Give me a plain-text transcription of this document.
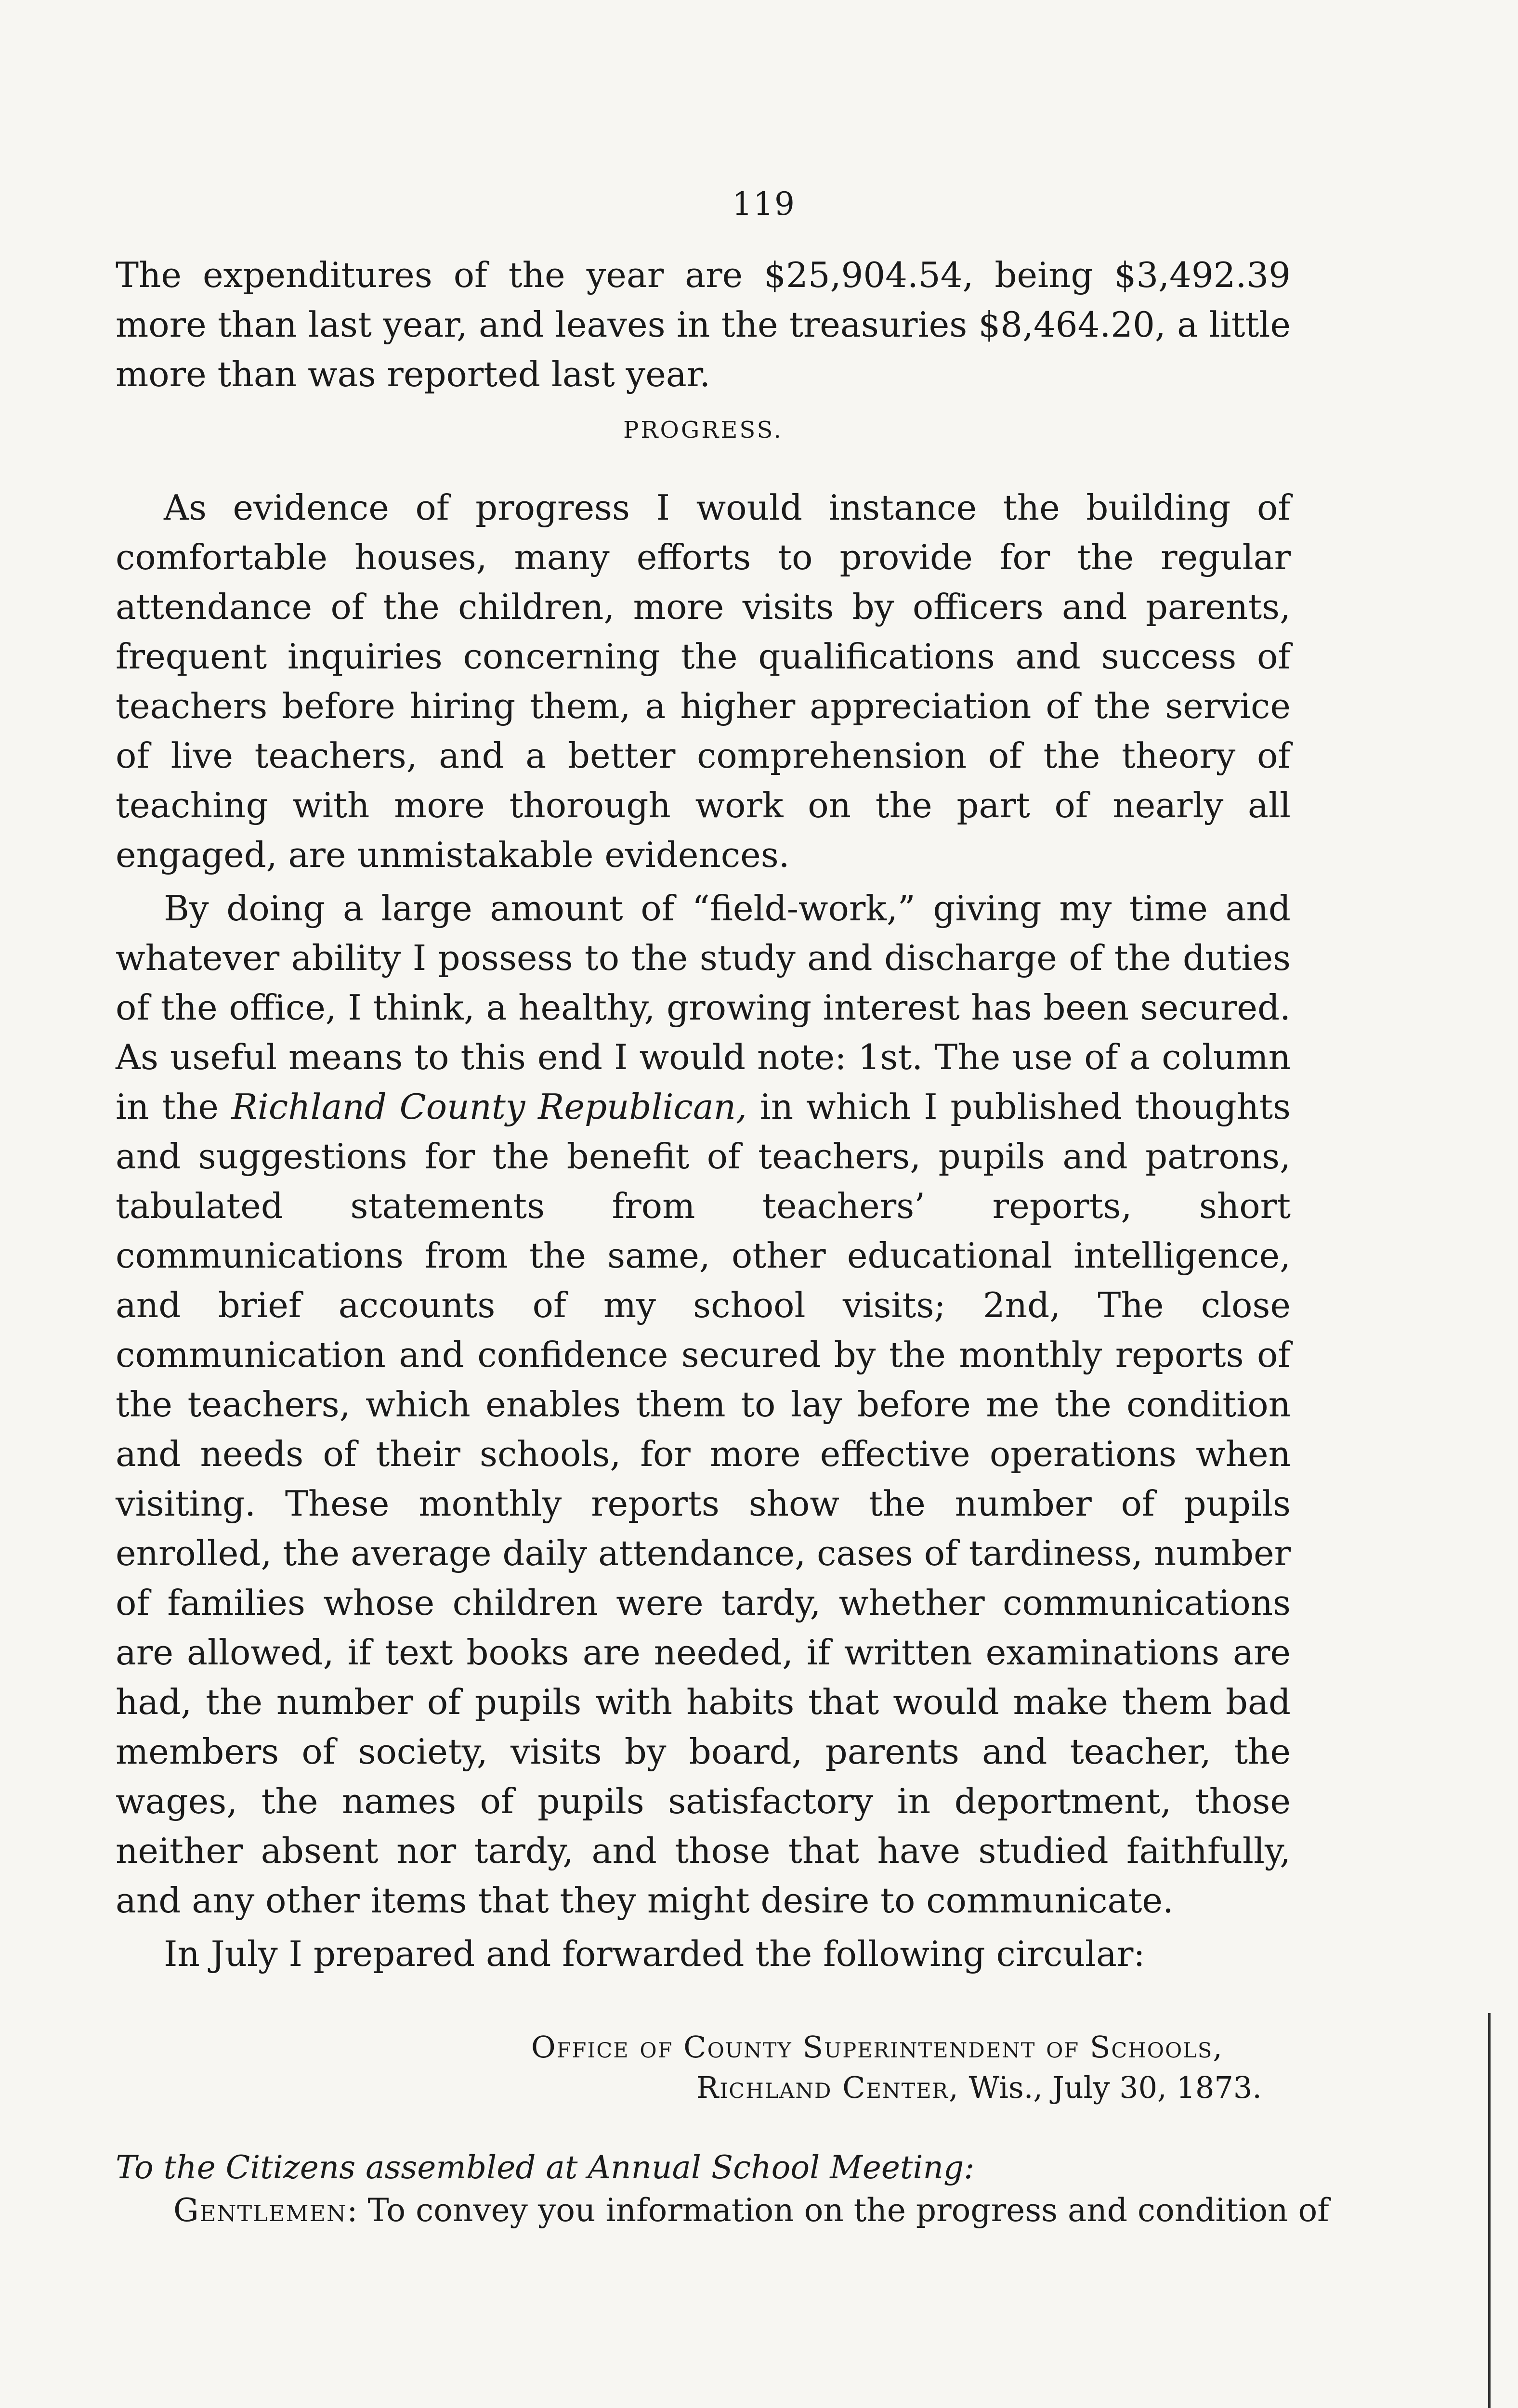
119

The expenditures of the year are $25,904.54, being $3,492.39 more than last year, and leaves in the treasuries $8,464.20, a little more than was reported last year.

PROGRESS.

As evidence of progress I would instance the building of comfortable houses, many efforts to provide for the regular attendance of the children, more visits by officers and parents, frequent inquiries concerning the qualifications and success of teachers before hiring them, a higher appreciation of the service of live teachers, and a better comprehension of the theory of teaching with more thorough work on the part of nearly all engaged, are unmistakable evidences.

By doing a large amount of “field-work,” giving my time and whatever ability I possess to the study and discharge of the duties of the office, I think, a healthy, growing interest has been secured. As useful means to this end I would note: 1st. The use of a column in the Richland County Republican, in which I published thoughts and suggestions for the benefit of teachers, pupils and patrons, tabulated statements from teachers’ reports, short communications from the same, other educational intelligence, and brief accounts of my school visits; 2nd, The close communication and confidence secured by the monthly reports of the teachers, which enables them to lay before me the condition and needs of their schools, for more effective operations when visiting. These monthly reports show the number of pupils enrolled, the average daily attendance, cases of tardiness, number of families whose children were tardy, whether communications are allowed, if text books are needed, if written examinations are had, the number of pupils with habits that would make them bad members of society, visits by board, parents and teacher, the wages, the names of pupils satisfactory in deportment, those neither absent nor tardy, and those that have studied faithfully, and any other items that they might desire to communicate.

In July I prepared and forwarded the following circular:

Office of County Superintendent of Schools,
Richland Center, Wis., July 30, 1873.
To the Citizens assembled at Annual School Meeting:
Gentlemen: To convey you information on the progress and condition of
